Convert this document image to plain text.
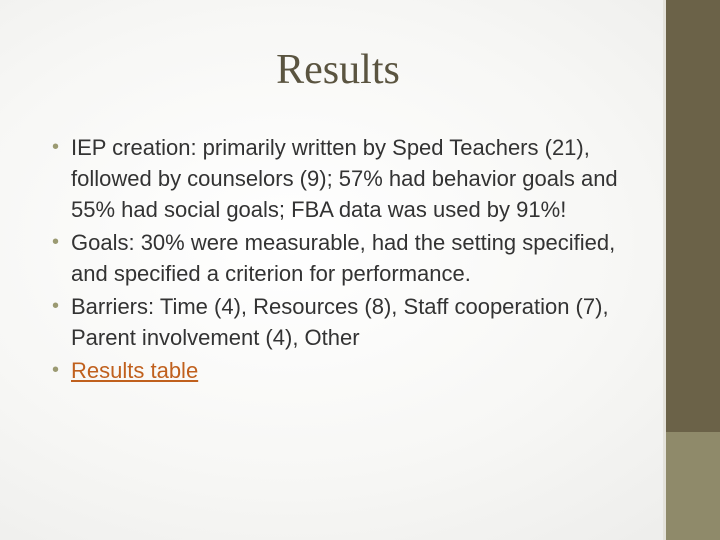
Results
• IEP creation: primarily written by Sped Teachers (21), followed by counselors (9); 57% had behavior goals and 55% had social goals; FBA data was used by 91%!
• Goals: 30% were measurable, had the setting specified, and specified a criterion for performance.
• Barriers: Time (4), Resources (8), Staff cooperation (7), Parent involvement (4), Other
• Results table
